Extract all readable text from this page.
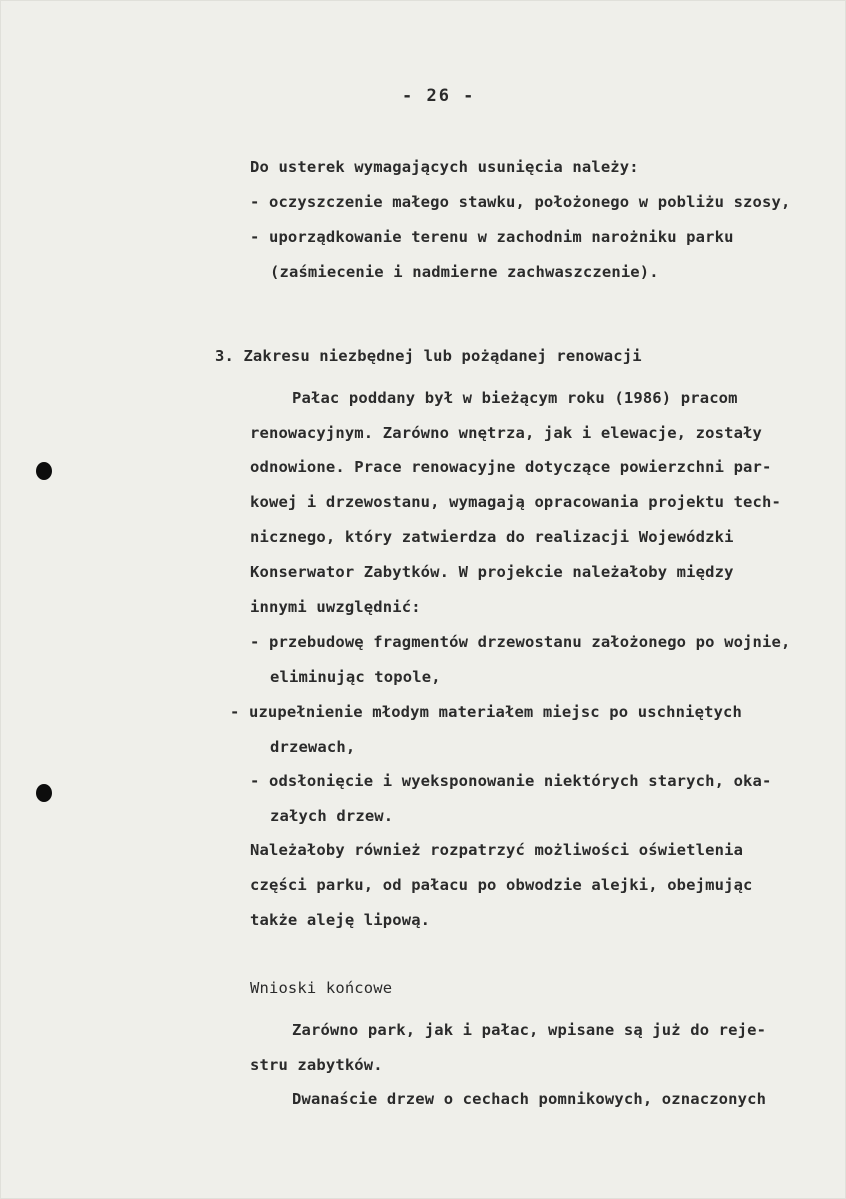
- 26 -
Do usterek wymagających usunięcia należy:
- oczyszczenie małego stawku, położonego w pobliżu szosy,
- uporządkowanie terenu w zachodnim narożniku parku
(zaśmiecenie i nadmierne zachwaszczenie).
3. Zakresu niezbędnej lub pożądanej renowacji
Pałac poddany był w bieżącym roku (1986) pracom
renowacyjnym. Zarówno wnętrza, jak i elewacje, zostały
odnowione. Prace renowacyjne dotyczące powierzchni par-
kowej i drzewostanu, wymagają opracowania projektu tech-
nicznego, który zatwierdza do realizacji Wojewódzki
Konserwator Zabytków. W projekcie należałoby między
innymi uwzględnić:
- przebudowę fragmentów drzewostanu założonego po wojnie,
eliminując topole,
- uzupełnienie młodym materiałem miejsc po uschniętych
drzewach,
- odsłonięcie i wyeksponowanie niektórych starych, oka-
załych drzew.
Należałoby również rozpatrzyć możliwości oświetlenia
części parku, od pałacu po obwodzie alejki, obejmując
także aleję lipową.
Wnioski końcowe
Zarówno park, jak i pałac, wpisane są już do reje-
stru zabytków.
Dwanaście drzew o cechach pomnikowych, oznaczonych
